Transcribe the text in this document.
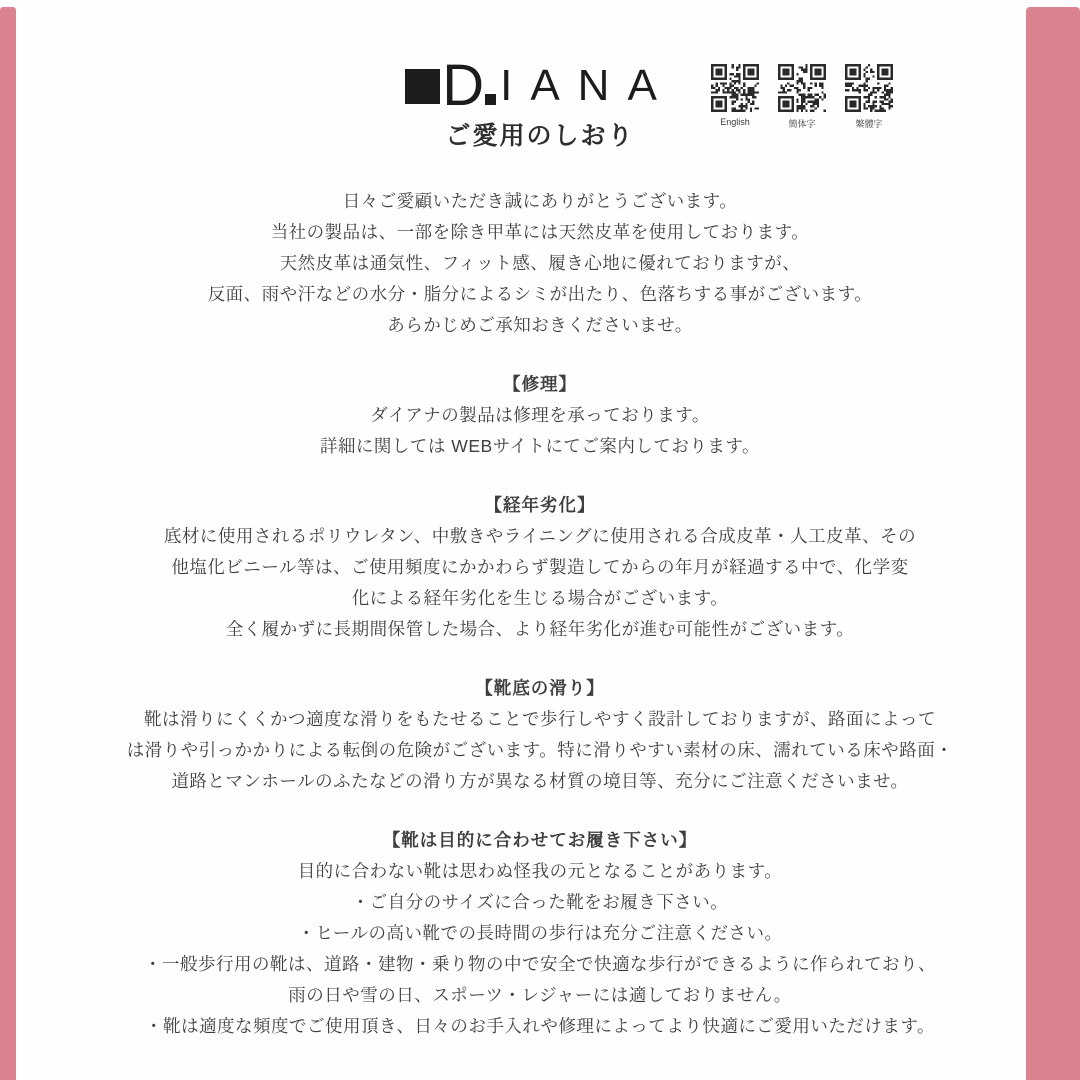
D IANA
ご愛用のしおり	English	簡体字	繁體字
日々ご愛顧いただき誠にありがとうございます。
当社の製品は、一部を除き甲革には天然皮革を使用しております。
天然皮革は通気性、フィット感、履き心地に優れておりますが、
反面、雨や汗などの水分・脂分によるシミが出たり、色落ちする事がございます。
あらかじめご承知おきくださいませ。
【修理】
ダイアナの製品は修理を承っております。
詳細に関しては WEBサイトにてご案内しております。
【経年劣化】
底材に使用されるポリウレタン、中敷きやライニングに使用される合成皮革・人工皮革、その
他塩化ビニール等は、ご使用頻度にかかわらず製造してからの年月が経過する中で、化学変
化による経年劣化を生じる場合がございます。
全く履かずに長期間保管した場合、より経年劣化が進む可能性がございます。
【靴底の滑り】
靴は滑りにくくかつ適度な滑りをもたせることで歩行しやすく設計しておりますが、路面によって
は滑りや引っかかりによる転倒の危険がございます。特に滑りやすい素材の床、濡れている床や路面・
道路とマンホールのふたなどの滑り方が異なる材質の境目等、充分にご注意くださいませ。
【靴は目的に合わせてお履き下さい】
目的に合わない靴は思わぬ怪我の元となることがあります。
・ご自分のサイズに合った靴をお履き下さい。
・ヒールの高い靴での長時間の歩行は充分ご注意ください。
・一般歩行用の靴は、道路・建物・乗り物の中で安全で快適な歩行ができるように作られており、
雨の日や雪の日、スポーツ・レジャーには適しておりません。
・靴は適度な頻度でご使用頂き、日々のお手入れや修理によってより快適にご愛用いただけます。
